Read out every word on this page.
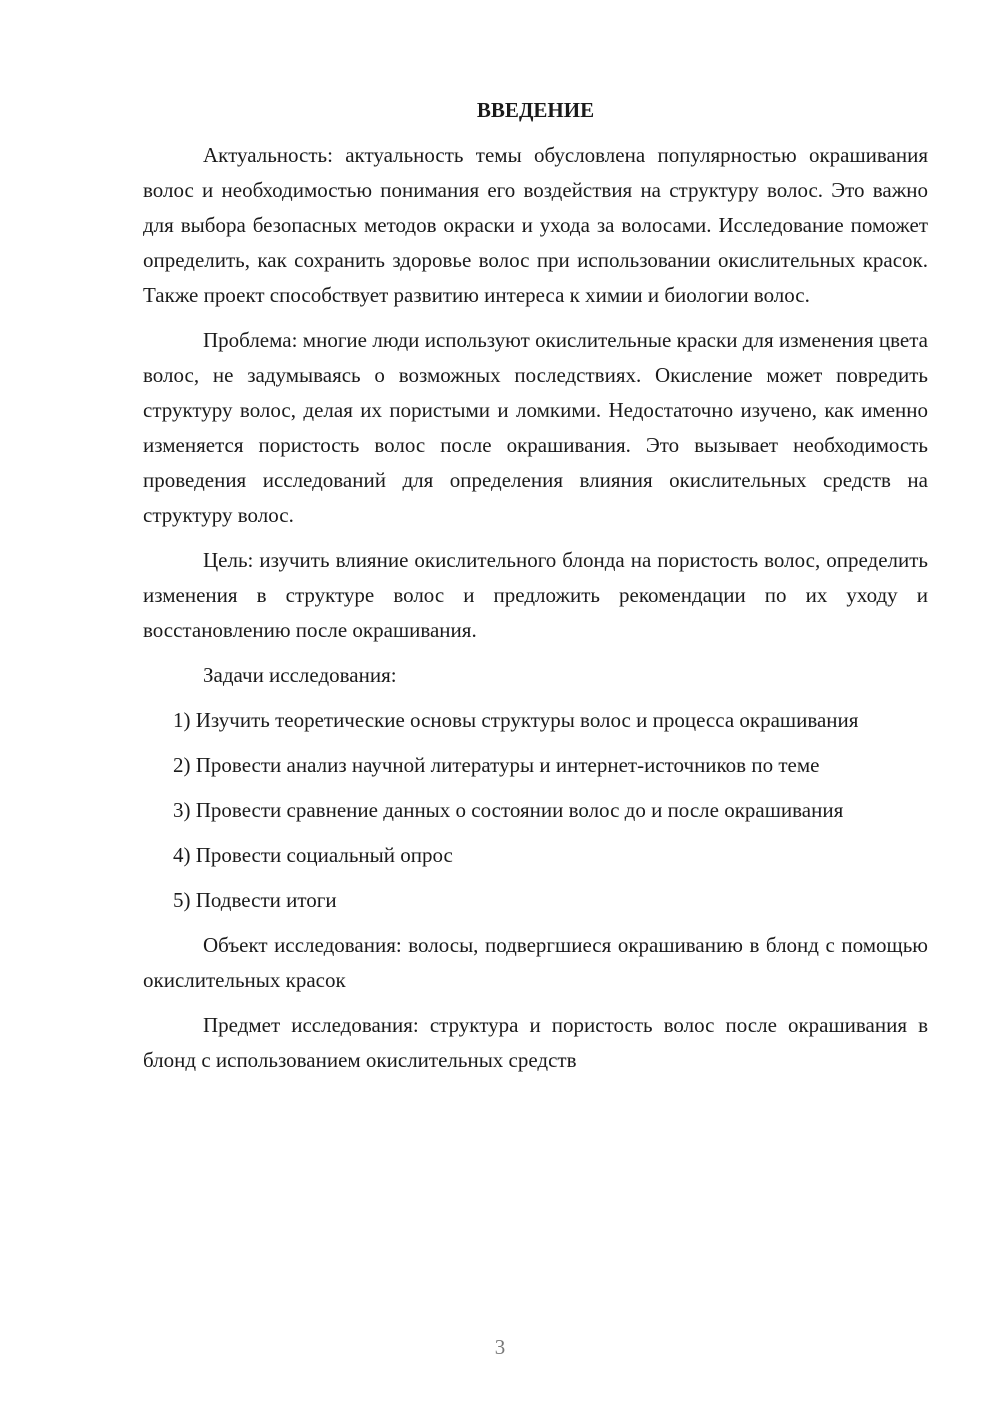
ВВЕДЕНИЕ

Актуальность: актуальность темы обусловлена популярностью окрашивания волос и необходимостью понимания его воздействия на структуру волос. Это важно для выбора безопасных методов окраски и ухода за волосами. Исследование поможет определить, как сохранить здоровье волос при использовании окислительных красок. Также проект способствует развитию интереса к химии и биологии волос.

Проблема: многие люди используют окислительные краски для изменения цвета волос, не задумываясь о возможных последствиях. Окисление может повредить структуру волос, делая их пористыми и ломкими. Недостаточно изучено, как именно изменяется пористость волос после окрашивания. Это вызывает необходимость проведения исследований для определения влияния окислительных средств на структуру волос.

Цель: изучить влияние окислительного блонда на пористость волос, определить изменения в структуре волос и предложить рекомендации по их уходу и восстановлению после окрашивания.

Задачи исследования:

1) Изучить теоретические основы структуры волос и процесса окрашивания

2) Провести анализ научной литературы и интернет-источников по теме

3) Провести сравнение данных о состоянии волос до и после окрашивания

4) Провести социальный опрос

5) Подвести итоги

Объект исследования: волосы, подвергшиеся окрашиванию в блонд с помощью окислительных красок

Предмет исследования: структура и пористость волос после окрашивания в блонд с использованием окислительных средств

3
